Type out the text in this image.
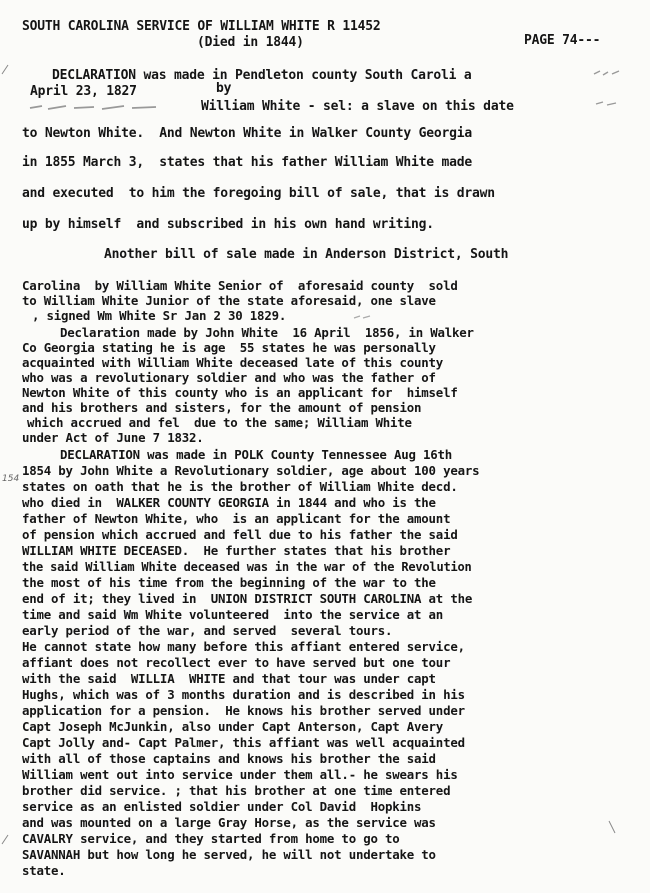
SOUTH CAROLINA SERVICE OF WILLIAM WHITE R 11452
(Died in 1844)	PAGE 74---
DECLARATION was made in Pendleton county South Caroli a
April 23, 1827	by
William White - sel: a slave on this date
to Newton White.  And Newton White in Walker County Georgia
in 1855 March 3,  states that his father William White made
and executed  to him the foregoing bill of sale, that is drawn
up by himself  and subscribed in his own hand writing.
Another bill of sale made in Anderson District, South
Carolina  by William White Senior of  aforesaid county  sold
to William White Junior of the state aforesaid, one slave
, signed Wm White Sr Jan 2 30 1829.
Declaration made by John White  16 April  1856, in Walker
Co Georgia stating he is age  55 states he was personally
acquainted with William White deceased late of this county
who was a revolutionary soldier and who was the father of
Newton White of this county who is an applicant for  himself
and his brothers and sisters, for the amount of pension
which accrued and fel  due to the same; William White
under Act of June 7 1832.
DECLARATION was made in POLK County Tennessee Aug 16th
1854 by John White a Revolutionary soldier, age about 100 years
states on oath that he is the brother of William White decd.
who died in  WALKER COUNTY GEORGIA in 1844 and who is the
father of Newton White, who  is an applicant for the amount
of pension which accrued and fell due to his father the said
WILLIAM WHITE DECEASED.  He further states that his brother
the said William White deceased was in the war of the Revolution
the most of his time from the beginning of the war to the
end of it; they lived in  UNION DISTRICT SOUTH CAROLINA at the
time and said Wm White volunteered  into the service at an
early period of the war, and served  several tours.
He cannot state how many before this affiant entered service,
affiant does not recollect ever to have served but one tour
with the said  WILLIA  WHITE and that tour was under capt
Hughs, which was of 3 months duration and is described in his
application for a pension.  He knows his brother served under
Capt Joseph McJunkin, also under Capt Anterson, Capt Avery
Capt Jolly and- Capt Palmer, this affiant was well acquainted
with all of those captains and knows his brother the said
William went out into service under them all.- he swears his
brother did service. ; that his brother at one time entered
service as an enlisted soldier under Col David  Hopkins
and was mounted on a large Gray Horse, as the service was
CAVALRY service, and they started from home to go to
SAVANNAH but how long he served, he will not undertake to
state.
154
